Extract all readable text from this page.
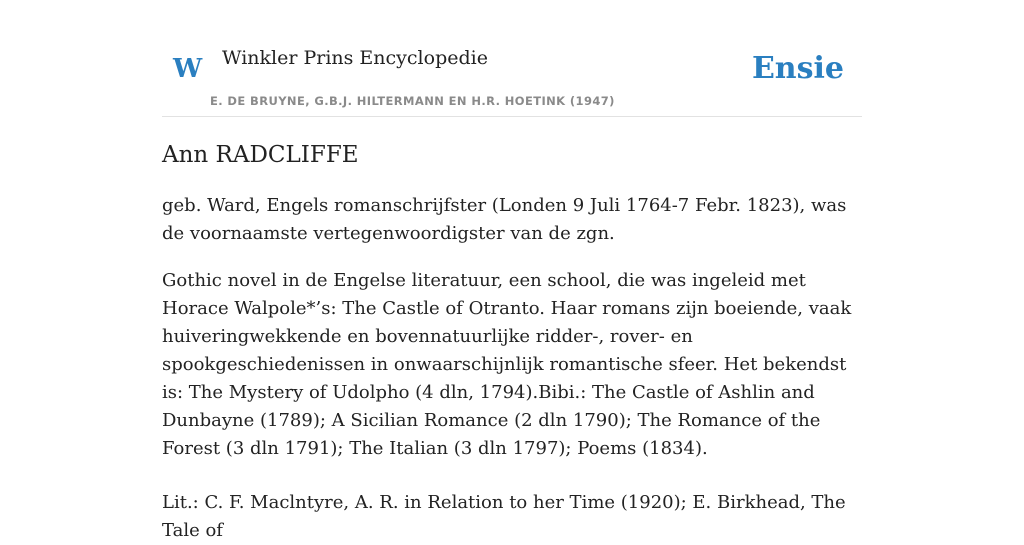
W Winkler Prins Encyclopedie
E. DE BRUYNE, G.B.J. HILTERMANN EN H.R. HOETINK (1947)
Ensie
Ann RADCLIFFE

geb. Ward, Engels romanschrijfster (Londen 9 Juli 1764-7 Febr. 1823), was de voornaamste vertegenwoordigster van de zgn.

Gothic novel in de Engelse literatuur, een school, die was ingeleid met Horace Walpole*’s: The Castle of Otranto. Haar romans zijn boeiende, vaak huiveringwekkende en bovennatuurlijke ridder-, rover- en spookgeschiedenissen in onwaarschijnlijk romantische sfeer. Het bekendst is: The Mystery of Udolpho (4 dln, 1794).Bibi.: The Castle of Ashlin and Dunbayne (1789); A Sicilian Romance (2 dln 1790); The Romance of the Forest (3 dln 1791); The Italian (3 dln 1797); Poems (1834).

Lit.: C. F. Maclntyre, A. R. in Relation to her Time (1920); E. Birkhead, The Tale of
